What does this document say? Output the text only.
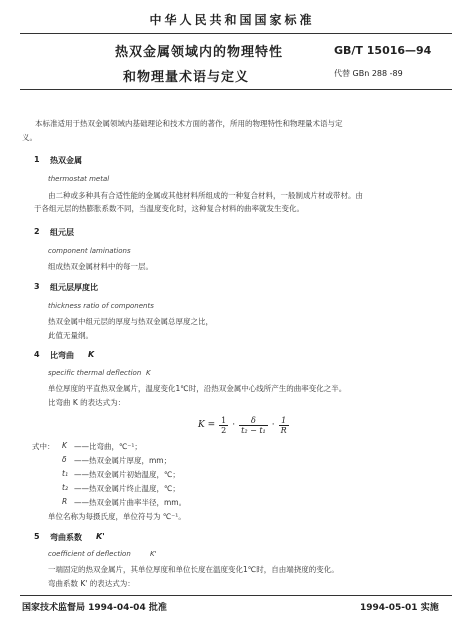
中华人民共和国国家标准
热双金属领域内的物理特性
和物理量术语与定义
GB/T 15016—94
代替 GBn 288 -89
本标准适用于热双金属领域内基础理论和技术方面的著作，所用的物理特性和物理量术语与定
义。
1 热双金属
thermostat metal
由二种或多种具有合适性能的金属或其他材料所组成的一种复合材料，一般制成片材或带材。由
于各组元层的热膨胀系数不同，当温度变化时，这种复合材料的曲率就发生变化。
2 组元层
component laminations
组成热双金属材料中的每一层。
3 组元层厚度比
thickness ratio of components
热双金属中组元层的厚度与热双金属总厚度之比，
此值无量纲。
4 比弯曲 K
specific thermal deflection K
单位厚度的平直热双金属片，温度变化1℃时，沿热双金属中心线所产生的曲率变化之半。
比弯曲 K 的表达式为：
$K = \frac{1}{2} \cdot \frac{\delta}{\text{t₂ − t₁}} \cdot \frac{1}{R}$
式中： K ——比弯曲，℃⁻¹；
δ ——热双金属片厚度，mm；
t₁ ——热双金属片初始温度，℃；
t₂ ——热双金属片终止温度，℃；
R ——热双金属片曲率半径，mm。
单位名称为每摄氏度，单位符号为 ℃⁻¹。
5 弯曲系数 K'
coefficient of deflection	K'
一端固定的热双金属片，其单位厚度和单位长度在温度变化1℃时，自由端挠度的变化。
弯曲系数 K' 的表达式为：
国家技术监督局 1994-04-04 批准	1994-05-01 实施
